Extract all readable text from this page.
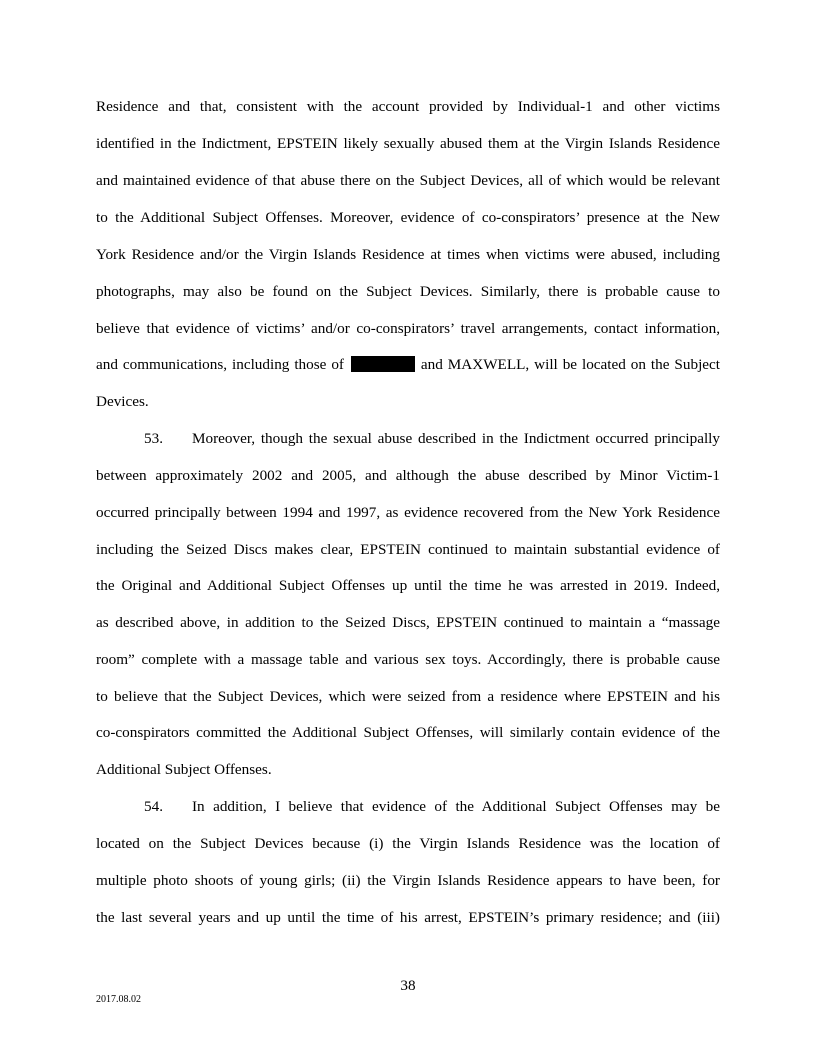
Residence and that, consistent with the account provided by Individual-1 and other victims
identified in the Indictment, EPSTEIN likely sexually abused them at the Virgin Islands Residence
and maintained evidence of that abuse there on the Subject Devices, all of which would be relevant
to the Additional Subject Offenses. Moreover, evidence of co-conspirators’ presence at the New
York Residence and/or the Virgin Islands Residence at times when victims were abused, including
photographs, may also be found on the Subject Devices. Similarly, there is probable cause to
believe that evidence of victims’ and/or co-conspirators’ travel arrangements, contact information,
and communications, including those of	and MAXWELL, will be located on the Subject
Devices.
53. Moreover, though the sexual abuse described in the Indictment occurred principally
between approximately 2002 and 2005, and although the abuse described by Minor Victim-1
occurred principally between 1994 and 1997, as evidence recovered from the New York Residence
including the Seized Discs makes clear, EPSTEIN continued to maintain substantial evidence of
the Original and Additional Subject Offenses up until the time he was arrested in 2019. Indeed,
as described above, in addition to the Seized Discs, EPSTEIN continued to maintain a “massage
room” complete with a massage table and various sex toys. Accordingly, there is probable cause
to believe that the Subject Devices, which were seized from a residence where EPSTEIN and his
co-conspirators committed the Additional Subject Offenses, will similarly contain evidence of the
Additional Subject Offenses.
54. In addition, I believe that evidence of the Additional Subject Offenses may be
located on the Subject Devices because (i) the Virgin Islands Residence was the location of
multiple photo shoots of young girls; (ii) the Virgin Islands Residence appears to have been, for
the last several years and up until the time of his arrest, EPSTEIN’s primary residence; and (iii)
38
2017.08.02
